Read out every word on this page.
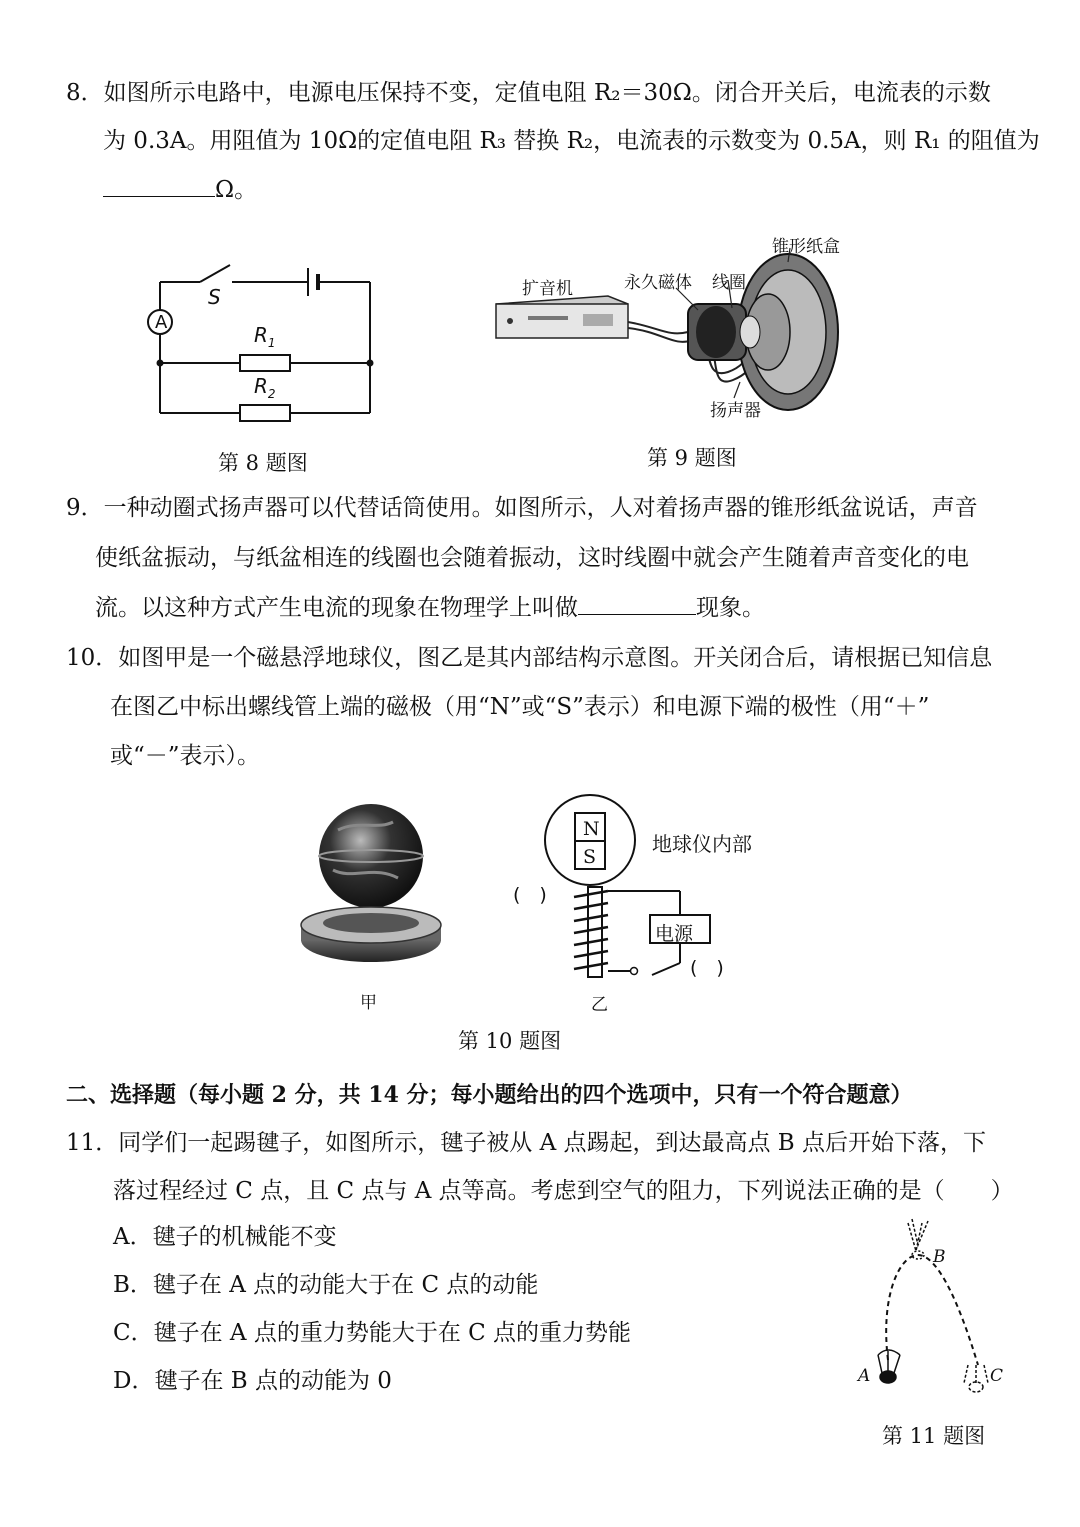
8．如图所示电路中，电源电压保持不变，定值电阻 R₂＝30Ω。闭合开关后，电流表的示数
为 0.3A。用阻值为 10Ω的定值电阻 R₃ 替换 R₂，电流表的示数变为 0.5A，则 R₁ 的阻值为
Ω。
A
S
$R_1$
$R_2$
第 8 题图
扩音机	永久磁体 线圈
锥形纸盒
扬声器
第 9 题图
9．一种动圈式扬声器可以代替话筒使用。如图所示，人对着扬声器的锥形纸盆说话，声音
使纸盆振动，与纸盆相连的线圈也会随着振动，这时线圈中就会产生随着声音变化的电
流。以这种方式产生电流的现象在物理学上叫做	现象。
10．如图甲是一个磁悬浮地球仪，图乙是其内部结构示意图。开关闭合后，请根据已知信息
在图乙中标出螺线管上端的磁极（用“N”或“S”表示）和电源下端的极性（用“＋”
或“－”表示）。
甲
N
S
地球仪内部
电源
(　)
(　)
乙
第 10 题图
二、选择题（每小题 2 分，共 14 分；每小题给出的四个选项中，只有一个符合题意）
11．同学们一起踢毽子，如图所示，毽子被从 A 点踢起，到达最高点 B 点后开始下落，下
落过程经过 C 点，且 C 点与 A 点等高。考虑到空气的阻力，下列说法正确的是（　　）
A．毽子的机械能不变
B．毽子在 A 点的动能大于在 C 点的动能
C．毽子在 A 点的重力势能大于在 C 点的重力势能
D．毽子在 B 点的动能为 0
B
A	C
第 11 题图
